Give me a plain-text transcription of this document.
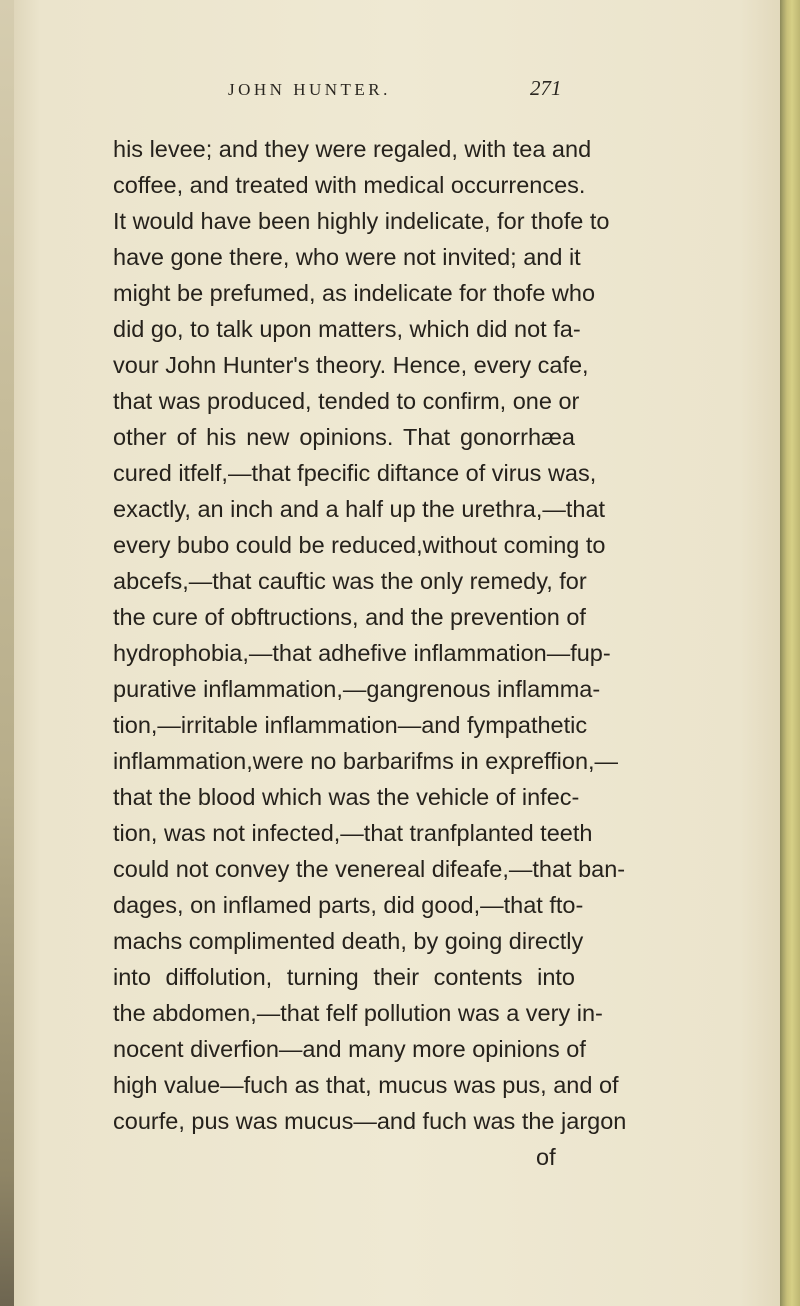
JOHN HUNTER.	271
his levee; and they were regaled, with tea and
coffee, and treated with medical occurrences.
It would have been highly indelicate, for thofe to
have gone there, who were not invited; and it
might be prefumed, as indelicate for thofe who
did go, to talk upon matters, which did not fa-
vour John Hunter's theory. Hence, every cafe,
that was produced, tended to confirm, one or
other of his new opinions. That gonorrhæa
cured itfelf,—that fpecific diftance of virus was,
exactly, an inch and a half up the urethra,—that
every bubo could be reduced,without coming to
abcefs,—that cauftic was the only remedy, for
the cure of obftructions, and the prevention of
hydrophobia,—that adhefive inflammation—fup-
purative inflammation,—gangrenous inflamma-
tion,—irritable inflammation—and fympathetic
inflammation,were no barbarifms in expreffion,—
that the blood which was the vehicle of infec-
tion, was not infected,—that tranfplanted teeth
could not convey the venereal difeafe,—that ban-
dages, on inflamed parts, did good,—that fto-
machs complimented death, by going directly
into diffolution, turning their contents into
the abdomen,—that felf pollution was a very in-
nocent diverfion—and many more opinions of
high value—fuch as that, mucus was pus, and of
courfe, pus was mucus—and fuch was the jargon
of
